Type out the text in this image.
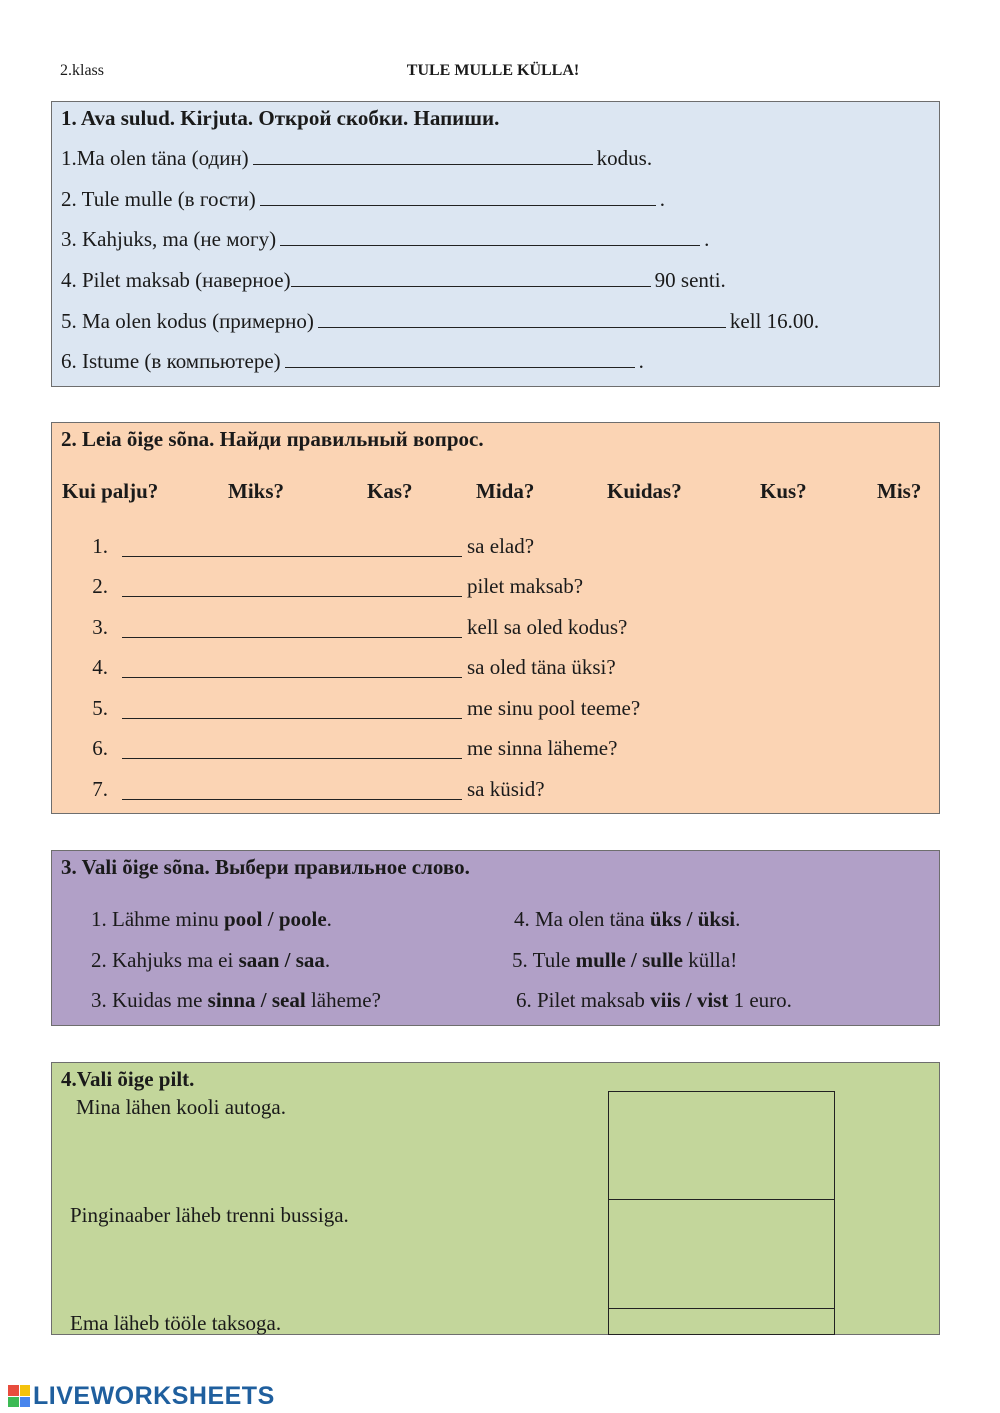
2.klass	TULE MULLE KÜLLA!
1. Ava sulud. Kirjuta. Открой скобки. Напиши.
1.Ma olen täna (один)	kodus.
2. Tule mulle (в гости)	.
3. Kahjuks, ma (не могу)	.
4. Pilet maksab (наверное)	90 senti.
5. Ma olen kodus (примерно)	kell 16.00.
6. Istume (в компьютере)	.
2. Leia õige sõna. Найди правильный вопрос.
Kui palju?	Miks?	Kas?	Mida?	Kuidas?	Kus?	Mis?
1.	sa elad?
2.	pilet maksab?
3.	kell sa oled kodus?
4.	sa oled täna üksi?
5.	me sinu pool teeme?
6.	me sinna läheme?
7.	sa küsid?
3. Vali õige sõna. Выбери правильное слово.
1. Lähme minu pool / poole.	4. Ma olen täna üks / üksi.
2. Kahjuks ma ei saan / saa.	5. Tule mulle / sulle külla!
3. Kuidas me sinna / seal läheme?	6. Pilet maksab viis / vist 1 euro.
4.Vali õige pilt.
Mina lähen kooli autoga.
Pinginaaber läheb trenni bussiga.
Ema läheb tööle taksoga.
LIVEWORKSHEETS
